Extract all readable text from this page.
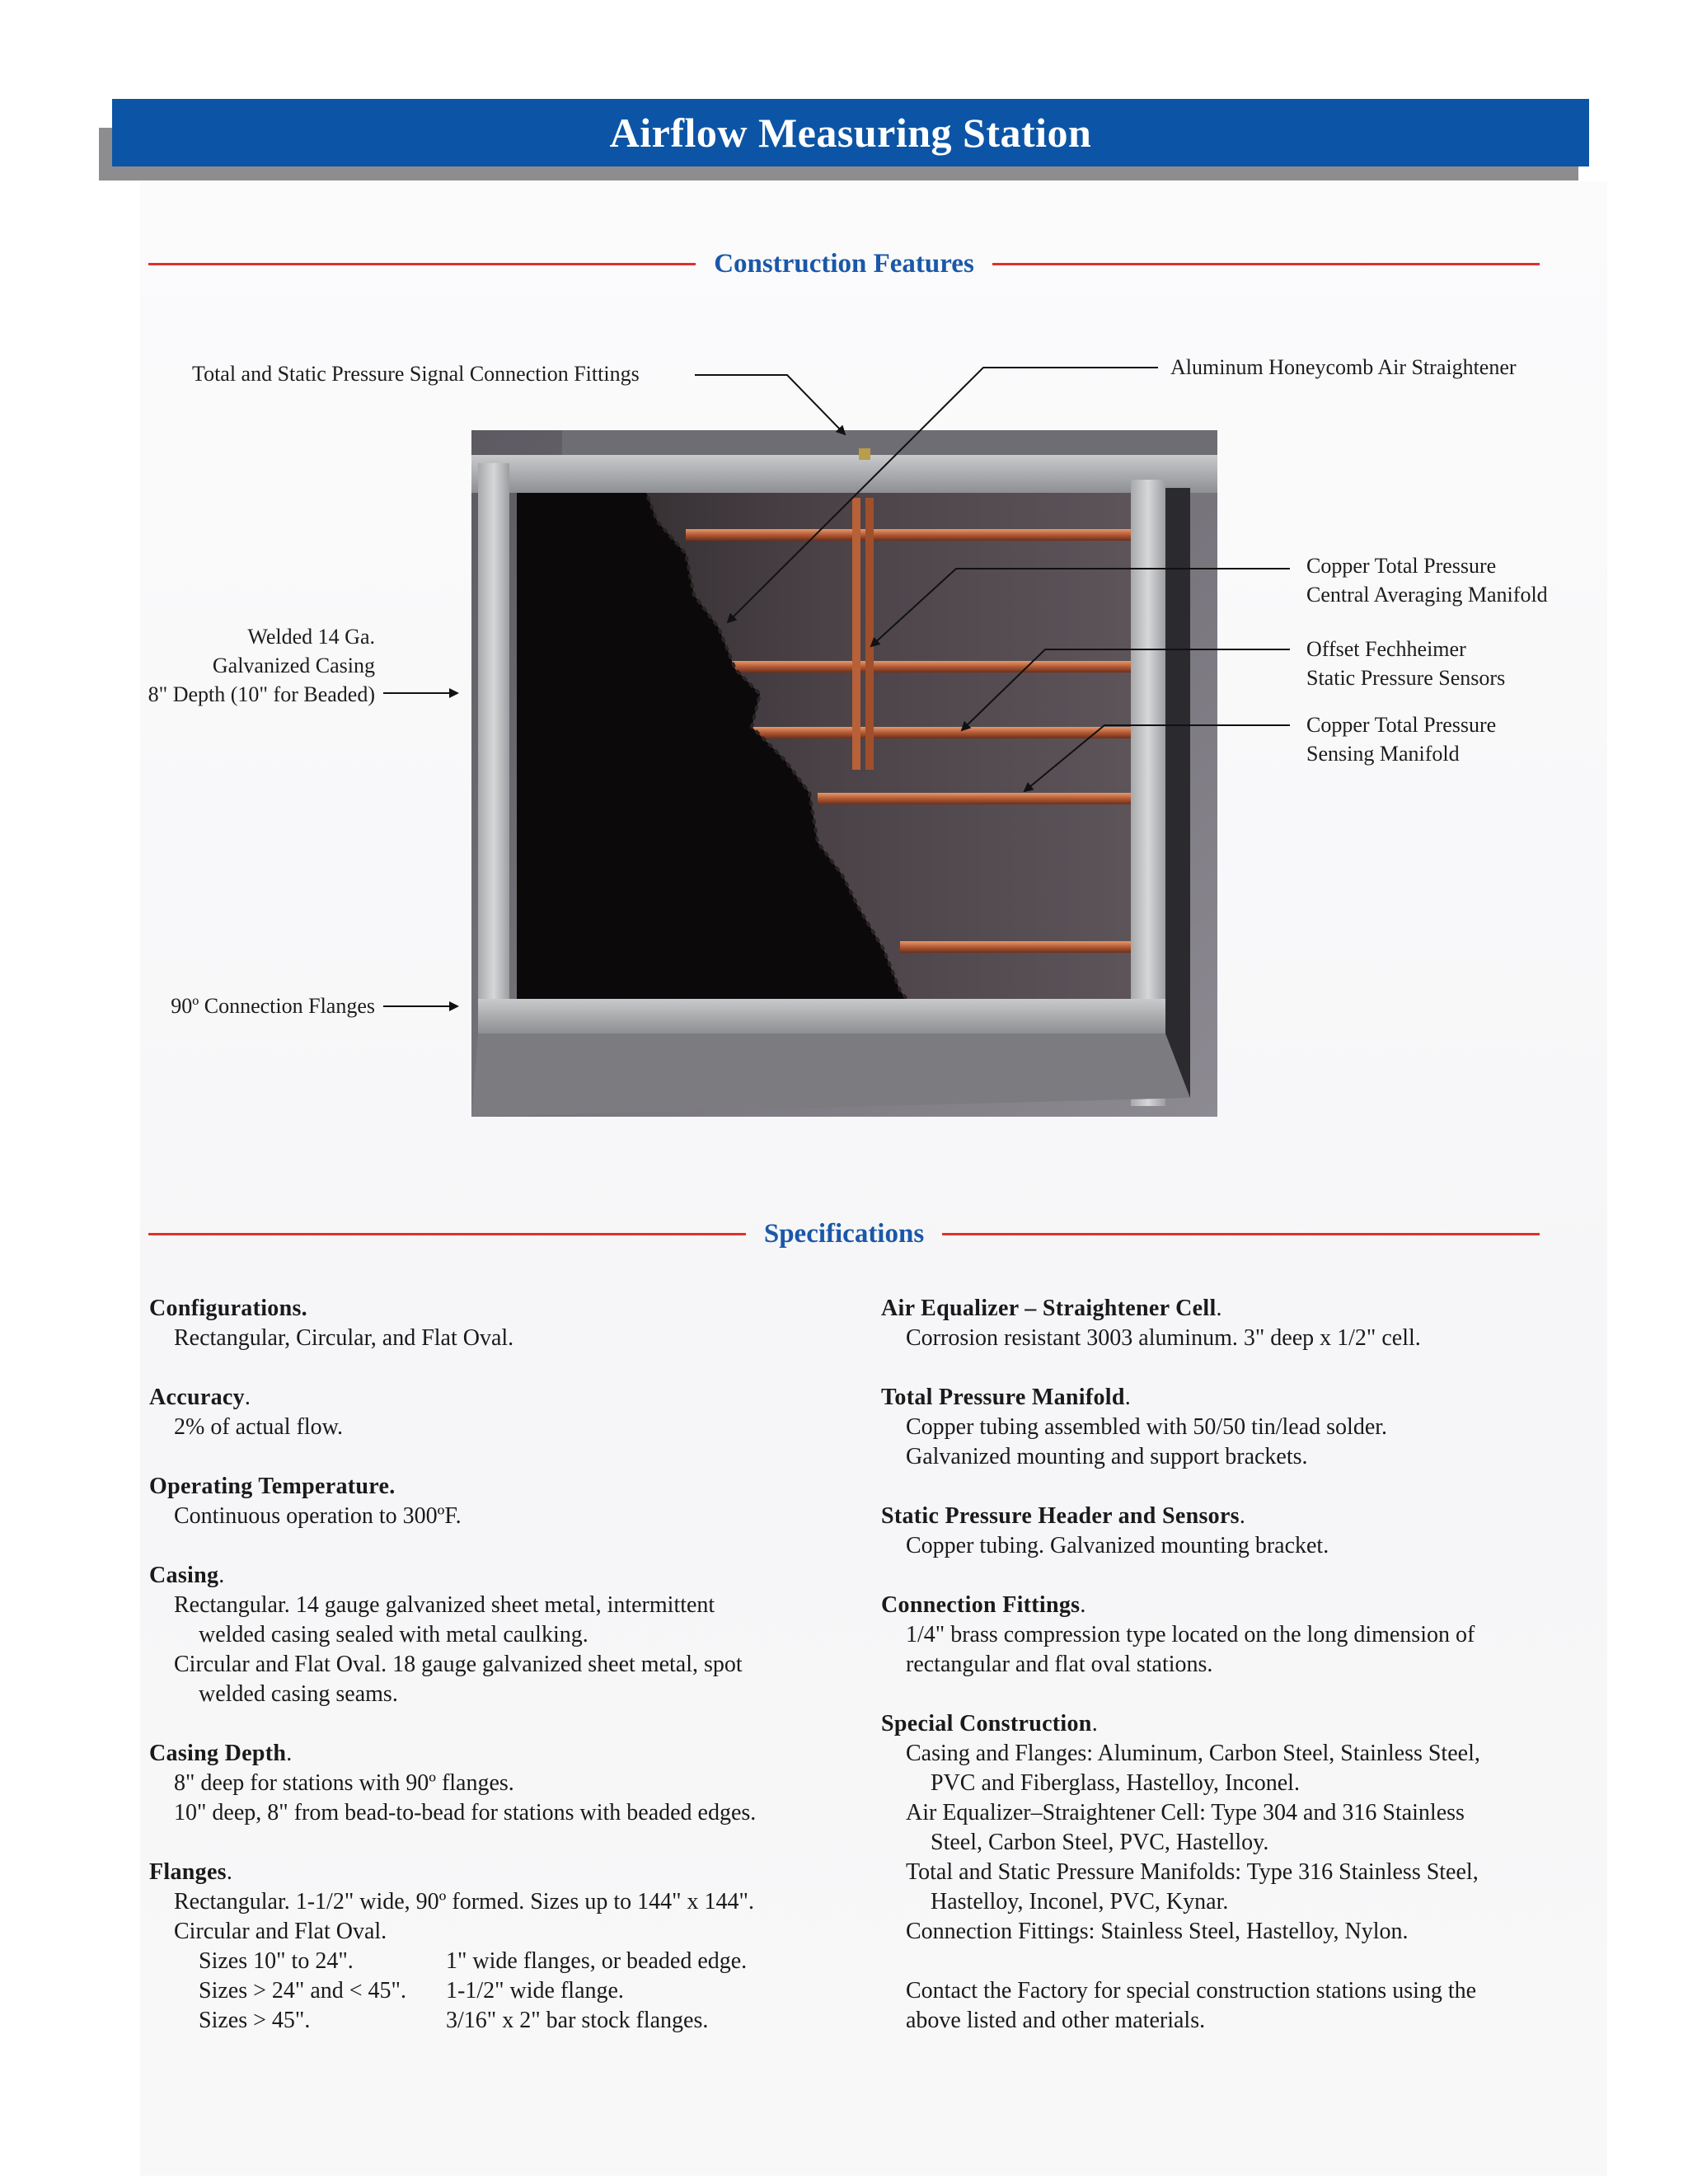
Airflow Measuring Station
Construction Features
Total and Static Pressure Signal Connection Fittings	Aluminum Honeycomb Air Straightener
Welded 14 Ga.
Galvanized Casing
8" Depth (10" for Beaded)
90º Connection Flanges
Copper Total Pressure
Central Averaging Manifold
Offset Fechheimer
Static Pressure Sensors
Copper Total Pressure
Sensing Manifold
Specifications
Configurations.
Rectangular, Circular, and Flat Oval.
Accuracy.
2% of actual flow.
Operating Temperature.
Continuous operation to 300ºF.
Casing.
Rectangular. 14 gauge galvanized sheet metal, intermittent
welded casing sealed with metal caulking.
Circular and Flat Oval. 18 gauge galvanized sheet metal, spot
welded casing seams.
Casing Depth.
8" deep for stations with 90º flanges.
10" deep, 8" from bead-to-bead for stations with beaded edges.
Flanges.
Rectangular. 1-1/2" wide, 90º formed. Sizes up to 144" x 144".
Circular and Flat Oval.
Sizes 10" to 24".	1" wide flanges, or beaded edge.
Sizes > 24" and < 45".	1-1/2" wide flange.
Sizes > 45".	3/16" x 2" bar stock flanges.
Air Equalizer – Straightener Cell.
Corrosion resistant 3003 aluminum. 3" deep x 1/2" cell.
Total Pressure Manifold.
Copper tubing assembled with 50/50 tin/lead solder.
Galvanized mounting and support brackets.
Static Pressure Header and Sensors.
Copper tubing. Galvanized mounting bracket.
Connection Fittings.
1/4" brass compression type located on the long dimension of
rectangular and flat oval stations.
Special Construction.
Casing and Flanges: Aluminum, Carbon Steel, Stainless Steel,
PVC and Fiberglass, Hastelloy, Inconel.
Air Equalizer–Straightener Cell: Type 304 and 316 Stainless
Steel, Carbon Steel, PVC, Hastelloy.
Total and Static Pressure Manifolds: Type 316 Stainless Steel,
Hastelloy, Inconel, PVC, Kynar.
Connection Fittings: Stainless Steel, Hastelloy, Nylon.
Contact the Factory for special construction stations using the
above listed and other materials.
